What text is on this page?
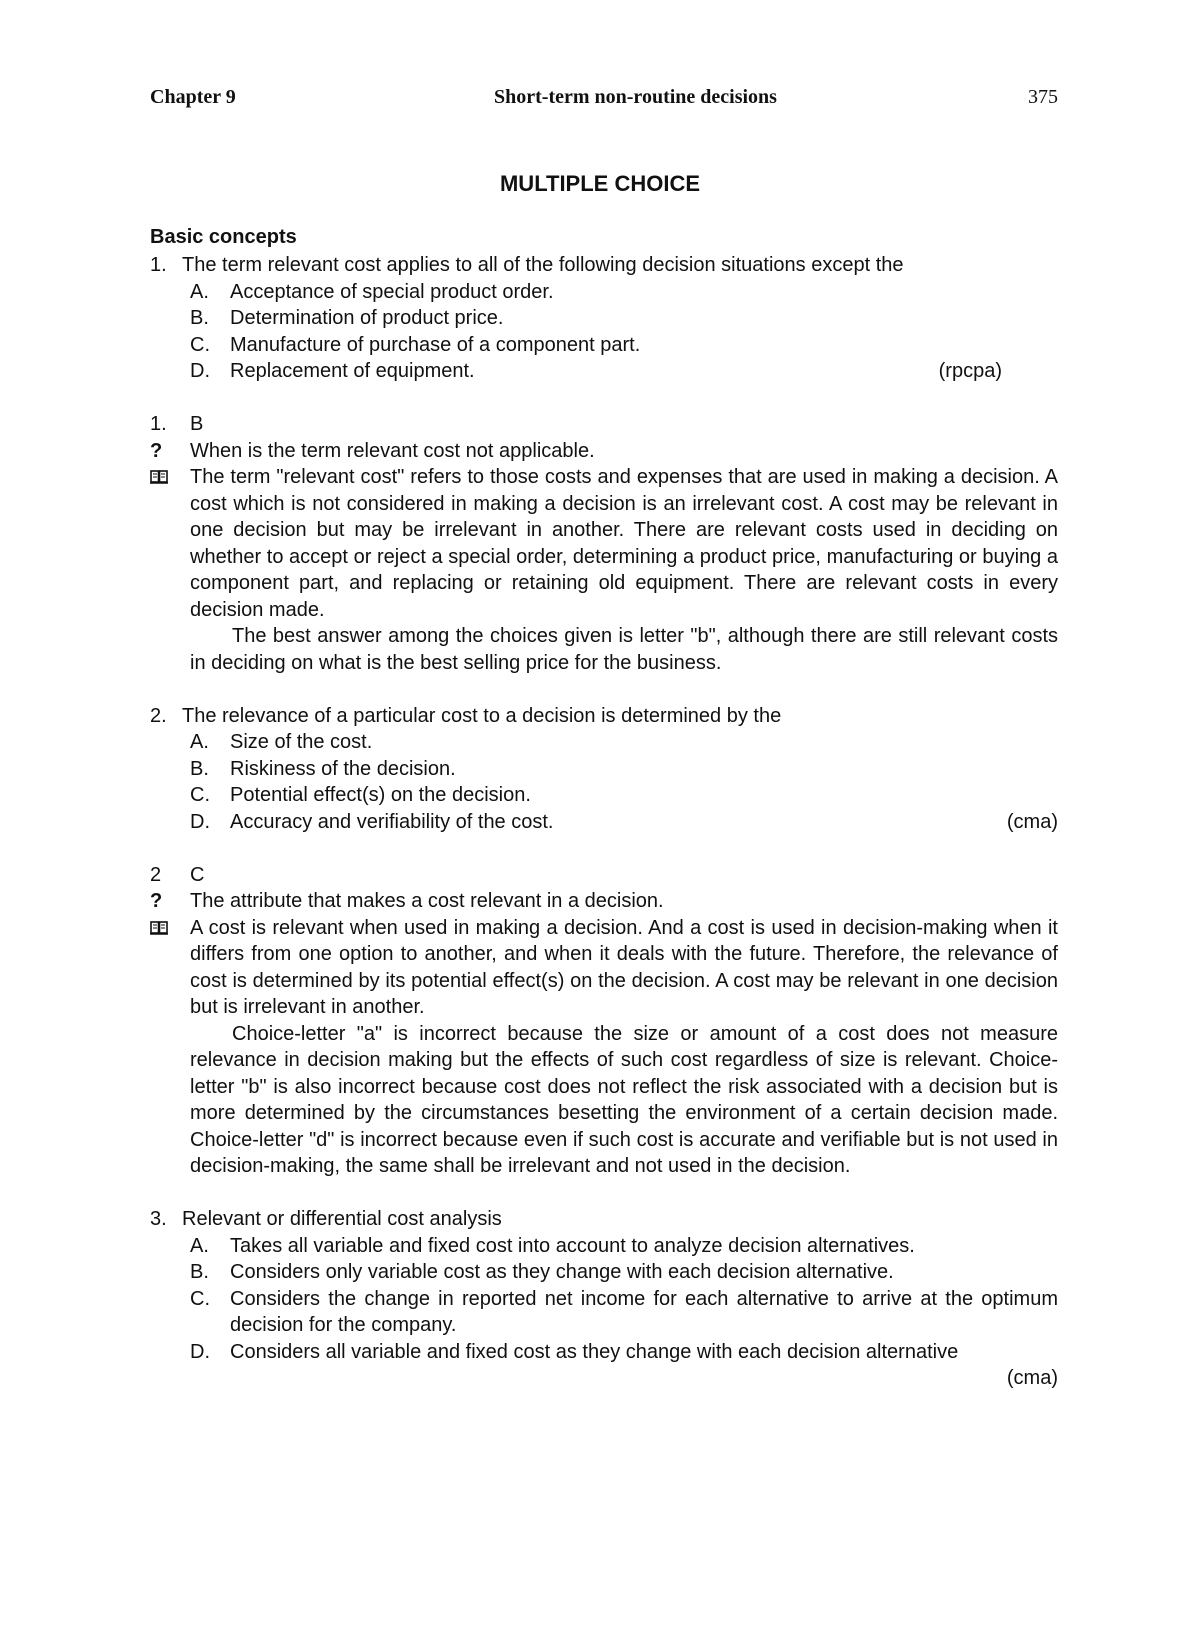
Chapter 9	Short-term non-routine decisions	375
MULTIPLE CHOICE
Basic concepts
1. The term relevant cost applies to all of the following decision situations except the
A. Acceptance of special product order.
B. Determination of product price.
C. Manufacture of purchase of a component part.
D. Replacement of equipment.	(rpcpa)
1. B
? When is the term relevant cost not applicable.

The term "relevant cost" refers to those costs and expenses that are used in making a decision. A cost which is not considered in making a decision is an irrelevant cost. A cost may be relevant in one decision but may be irrelevant in another. There are relevant costs used in deciding on whether to accept or reject a special order, determining a product price, manufacturing or buying a component part, and replacing or retaining old equipment. There are relevant costs in every decision made.

The best answer among the choices given is letter "b", although there are still relevant costs in deciding on what is the best selling price for the business.

2. The relevance of a particular cost to a decision is determined by the
A. Size of the cost.
B. Riskiness of the decision.
C. Potential effect(s) on the decision.
D. Accuracy and verifiability of the cost.	(cma)
2 C
? The attribute that makes a cost relevant in a decision.

A cost is relevant when used in making a decision. And a cost is used in decision-making when it differs from one option to another, and when it deals with the future. Therefore, the relevance of cost is determined by its potential effect(s) on the decision. A cost may be relevant in one decision but is irrelevant in another.

Choice-letter "a" is incorrect because the size or amount of a cost does not measure relevance in decision making but the effects of such cost regardless of size is relevant. Choice-letter "b" is also incorrect because cost does not reflect the risk associated with a decision but is more determined by the circumstances besetting the environment of a certain decision made. Choice-letter "d" is incorrect because even if such cost is accurate and verifiable but is not used in decision-making, the same shall be irrelevant and not used in the decision.

3. Relevant or differential cost analysis
A. Takes all variable and fixed cost into account to analyze decision alternatives.
B. Considers only variable cost as they change with each decision alternative.
C. Considers the change in reported net income for each alternative to arrive at the optimum decision for the company.
D. Considers all variable and fixed cost as they change with each decision alternative
(cma)
